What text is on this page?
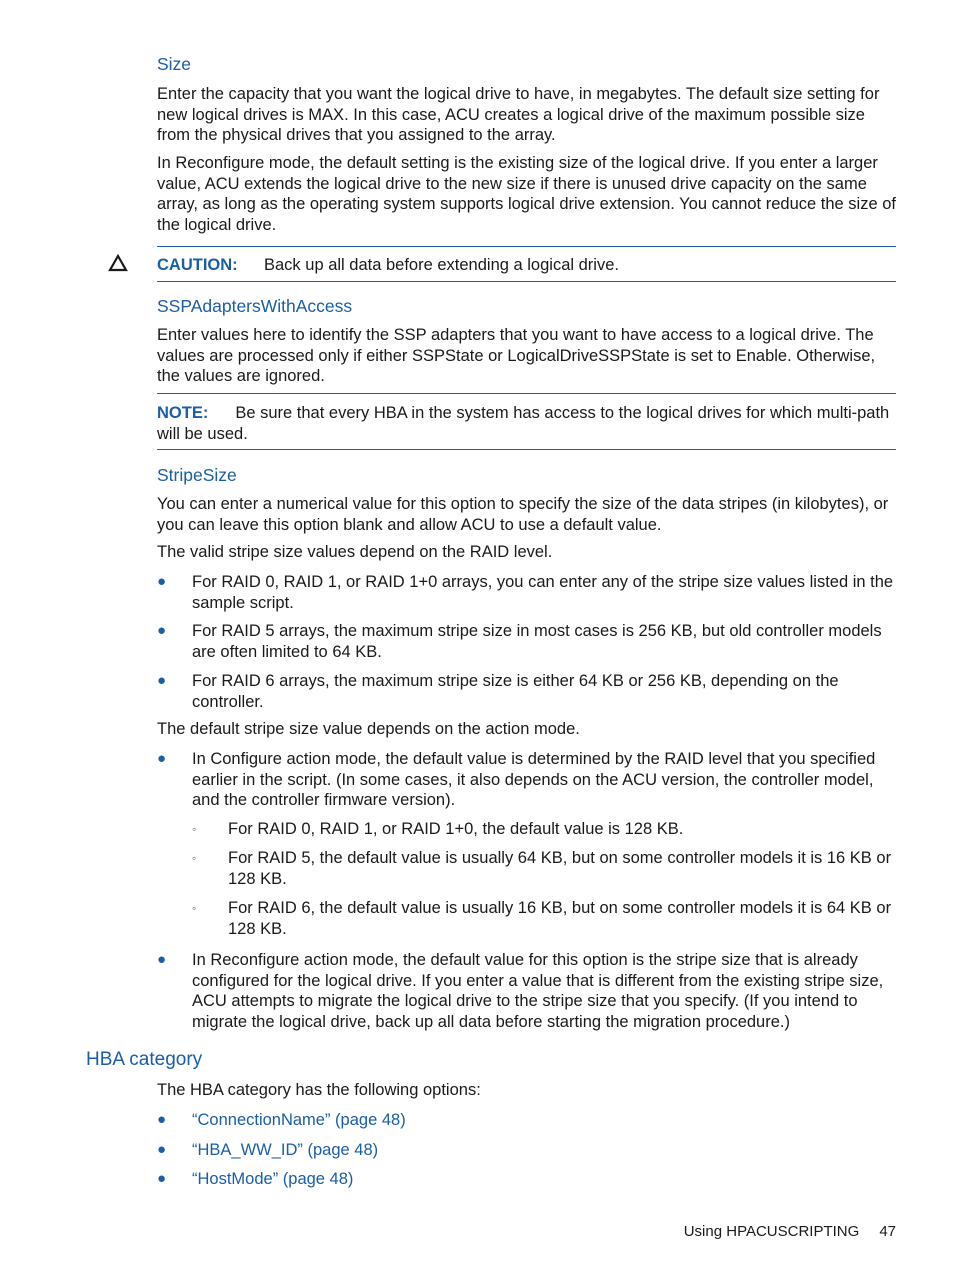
Size

Enter the capacity that you want the logical drive to have, in megabytes. The default size setting for new logical drives is MAX. In this case, ACU creates a logical drive of the maximum possible size from the physical drives that you assigned to the array.

In Reconfigure mode, the default setting is the existing size of the logical drive. If you enter a larger value, ACU extends the logical drive to the new size if there is unused drive capacity on the same array, as long as the operating system supports logical drive extension. You cannot reduce the size of the logical drive.

CAUTION: Back up all data before extending a logical drive.
SSPAdaptersWithAccess

Enter values here to identify the SSP adapters that you want to have access to a logical drive. The values are processed only if either SSPState or LogicalDriveSSPState is set to Enable. Otherwise, the values are ignored.

NOTE: Be sure that every HBA in the system has access to the logical drives for which multi-path will be used.

StripeSize

You can enter a numerical value for this option to specify the size of the data stripes (in kilobytes), or you can leave this option blank and allow ACU to use a default value.

The valid stripe size values depend on the RAID level.

● For RAID 0, RAID 1, or RAID 1+0 arrays, you can enter any of the stripe size values listed in the sample script.

● For RAID 5 arrays, the maximum stripe size in most cases is 256 KB, but old controller models are often limited to 64 KB.

● For RAID 6 arrays, the maximum stripe size is either 64 KB or 256 KB, depending on the controller.

The default stripe size value depends on the action mode.

● In Configure action mode, the default value is determined by the RAID level that you specified earlier in the script. (In some cases, it also depends on the ACU version, the controller model, and the controller firmware version).

◦ For RAID 0, RAID 1, or RAID 1+0, the default value is 128 KB.

◦ For RAID 5, the default value is usually 64 KB, but on some controller models it is 16 KB or 128 KB.

◦ For RAID 6, the default value is usually 16 KB, but on some controller models it is 64 KB or 128 KB.

● In Reconfigure action mode, the default value for this option is the stripe size that is already configured for the logical drive. If you enter a value that is different from the existing stripe size, ACU attempts to migrate the logical drive to the stripe size that you specify. (If you intend to migrate the logical drive, back up all data before starting the migration procedure.)

HBA category

The HBA category has the following options:

● “ConnectionName” (page 48)
● “HBA_WW_ID” (page 48)
● “HostMode” (page 48)
Using HPACUSCRIPTING 47
